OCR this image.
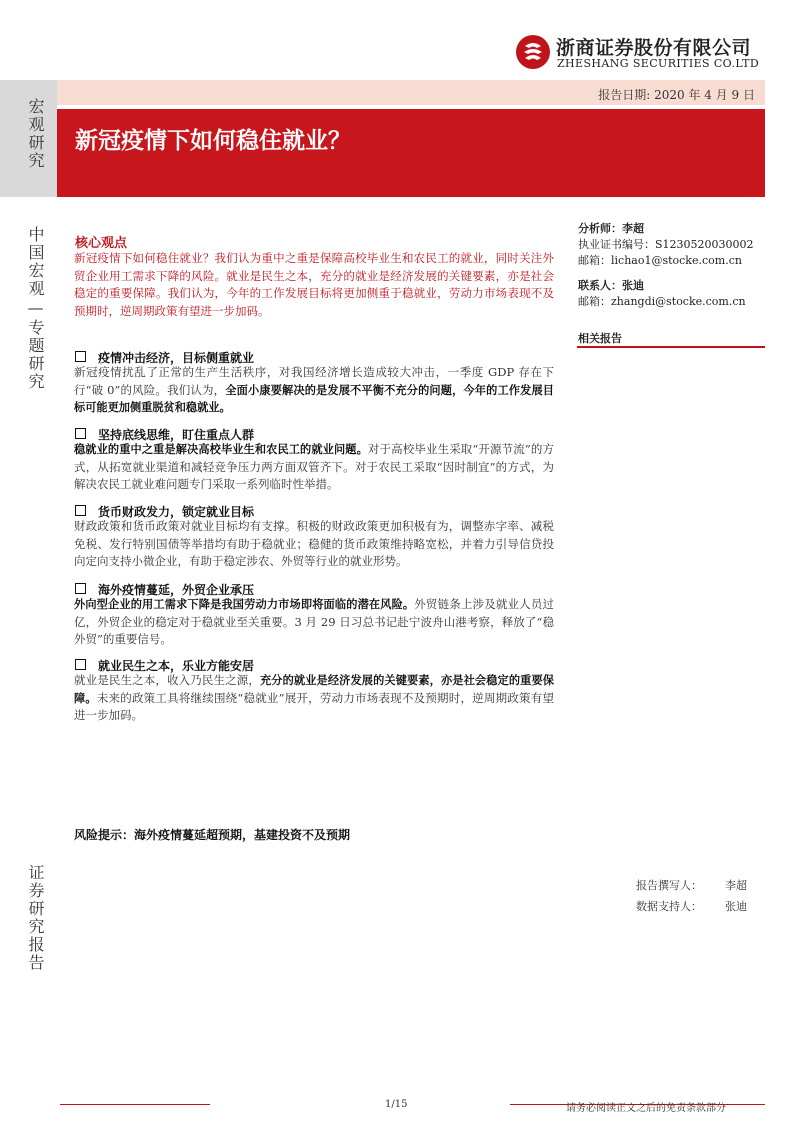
浙商证券股份有限公司
ZHESHANG SECURITIES CO.LTD
报告日期: 2020 年 4 月 9 日
新冠疫情下如何稳住就业？
宏观研究
中国宏观—专题研究
证券研究报告
核心观点
新冠疫情下如何稳住就业？我们认为重中之重是保障高校毕业生和农民工的就业，同时关注外贸企业用工需求下降的风险。就业是民生之本，充分的就业是经济发展的关键要素，亦是社会稳定的重要保障。我们认为，今年的工作发展目标将更加侧重于稳就业，劳动力市场表现不及预期时，逆周期政策有望进一步加码。
疫情冲击经济，目标侧重就业
新冠疫情扰乱了正常的生产生活秩序，对我国经济增长造成较大冲击，一季度 GDP 存在下行“破 0”的风险。我们认为，全面小康要解决的是发展不平衡不充分的问题，今年的工作发展目标可能更加侧重脱贫和稳就业。
坚持底线思维，盯住重点人群
稳就业的重中之重是解决高校毕业生和农民工的就业问题。对于高校毕业生采取“开源节流”的方式，从拓宽就业渠道和减轻竞争压力两方面双管齐下。对于农民工采取“因时制宜”的方式，为解决农民工就业难问题专门采取一系列临时性举措。
货币财政发力，锁定就业目标
财政政策和货币政策对就业目标均有支撑。积极的财政政策更加积极有为，调整赤字率、减税免税、发行特别国债等举措均有助于稳就业；稳健的货币政策维持略宽松，并着力引导信贷投向定向支持小微企业，有助于稳定涉农、外贸等行业的就业形势。
海外疫情蔓延，外贸企业承压
外向型企业的用工需求下降是我国劳动力市场即将面临的潜在风险。外贸链条上涉及就业人员过亿，外贸企业的稳定对于稳就业至关重要。3 月 29 日习总书记赴宁波舟山港考察，释放了“稳外贸”的重要信号。
就业民生之本，乐业方能安居
就业是民生之本，收入乃民生之源，充分的就业是经济发展的关键要素，亦是社会稳定的重要保障。未来的政策工具将继续围绕“稳就业”展开，劳动力市场表现不及预期时，逆周期政策有望进一步加码。
风险提示：海外疫情蔓延超预期，基建投资不及预期
分析师：李超
执业证书编号：S1230520030002
邮箱：lichao1@stocke.com.cn
联系人：张迪
邮箱：zhangdi@stocke.com.cn
相关报告
报告撰写人： 李超
数据支持人： 张迪
1/15	请务必阅读正文之后的免责条款部分
